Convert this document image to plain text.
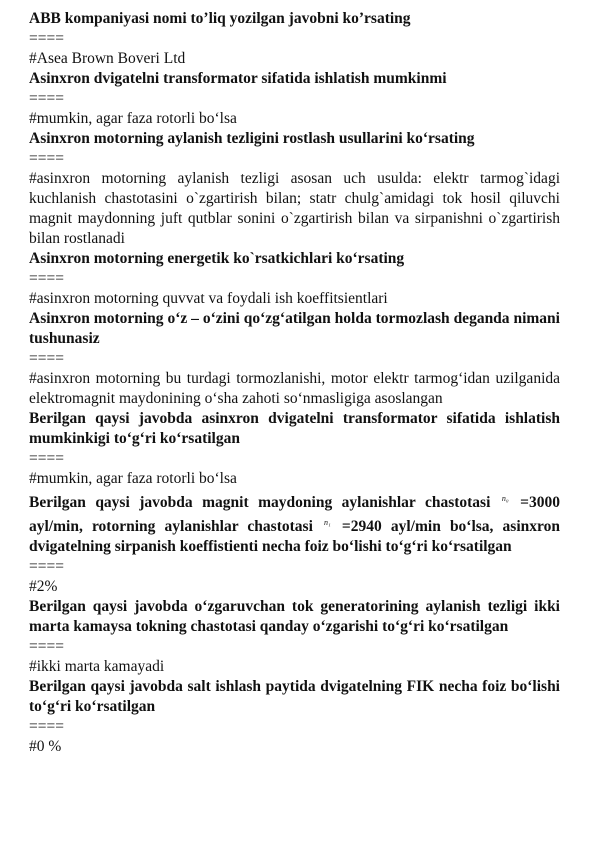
ABB kompaniyasi nomi to’liq yozilgan javobni ko’rsating
====
#Asea Brown Boveri Ltd
Asinxron dvigatelni transformator sifatida ishlatish mumkinmi
====
#mumkin, agar faza rotorli bo‘lsa
Asinxron motorning aylanish tezligini rostlash usullarini ko‘rsating
====
#asinxron motorning aylanish tezligi asosan uch usulda: elektr tarmog`idagi kuchlanish chastotasini o`zgartirish bilan; statr chulg`amidagi tok hosil qiluvchi magnit maydonning juft qutblar sonini o`zgartirish bilan va sirpanishni o`zgartirish bilan rostlanadi
Asinxron motorning energetik ko`rsatkichlari ko‘rsating
====
#asinxron motorning quvvat va foydali ish koeffitsientlari
Asinxron motorning o‘z – o‘zini qo‘zg‘atilgan holda tormozlash deganda nimani tushunasiz
====
#asinxron motorning bu turdagi tormozlanishi, motor elektr tarmog‘idan uzilganida elektromagnit maydonining o‘sha zahoti so‘nmasligiga asoslangan
Berilgan qaysi javobda asinxron dvigatelni transformator sifatida ishlatish mumkinkigi to‘g‘ri ko‘rsatilgan
====
#mumkin, agar faza rotorli bo‘lsa
Berilgan qaysi javobda magnit maydoning aylanishlar chastotasi $^{n_0}$ =3000 ayl/min, rotorning aylanishlar chastotasi $^{n_1}$ =2940 ayl/min bo‘lsa, asinxron dvigatelning sirpanish koeffistienti necha foiz bo‘lishi to‘g‘ri ko‘rsatilgan
====
#2%
Berilgan qaysi javobda o‘zgaruvchan tok generatorining aylanish tezligi ikki marta kamaysa tokning chastotasi qanday o‘zgarishi to‘g‘ri ko‘rsatilgan
====
#ikki marta kamayadi
Berilgan qaysi javobda salt ishlash paytida dvigatelning FIK necha foiz bo‘lishi to‘g‘ri ko‘rsatilgan
====
#0 %
